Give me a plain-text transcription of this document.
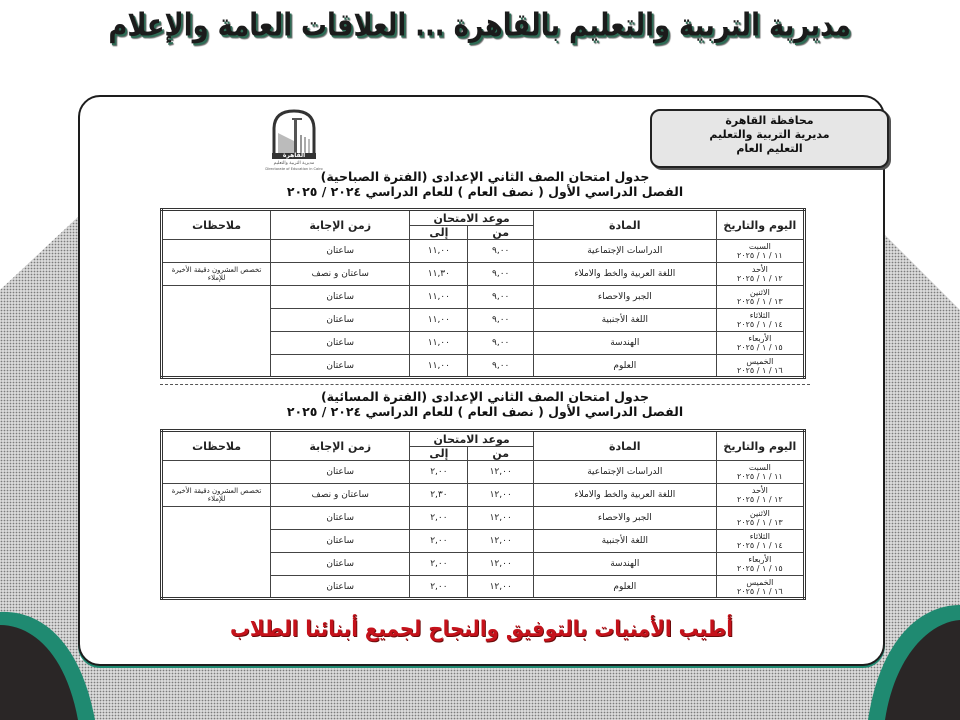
مديرية التربية والتعليم بالقاهرة ... العلاقات العامة والإعلام
القاهرة
مديرية التربية والتعليم
Directorate of Education in Cairo
محافظة القاهرة
مديرية التربية والتعليم
التعليم العام
جدول امتحان الصف الثاني الإعدادى (الفترة الصباحية)
الفصل الدراسي الأول ( نصف العام ) للعام الدراسي ٢٠٢٤ / ٢٠٢٥
اليوم والتاريخ	المادة	موعد الامتحان		زمن الإجابة	ملاحظات
		من	إلى		

السبت
١١ / ١ / ٢٠٢٥	الدراسات الإجتماعية	٩,٠٠	١١,٠٠	ساعتان	

الأحد
١٢ / ١ / ٢٠٢٥	اللغة العربية والخط والاملاء	٩,٠٠	١١,٣٠	ساعتان و نصف	تخصص العشرون دقيقة الأخيرة للإملاء

الاثنين
١٣ / ١ / ٢٠٢٥	الجبر والاحصاء	٩,٠٠	١١,٠٠	ساعتان	

الثلاثاء
١٤ / ١ / ٢٠٢٥	اللغة الأجنبية	٩,٠٠	١١,٠٠	ساعتان	

الأربعاء
١٥ / ١ / ٢٠٢٥	الهندسة	٩,٠٠	١١,٠٠	ساعتان	

الخميس
١٦ / ١ / ٢٠٢٥	العلوم	٩,٠٠	١١,٠٠	ساعتان	
جدول امتحان الصف الثاني الإعدادى (الفترة المسائية)
الفصل الدراسي الأول ( نصف العام ) للعام الدراسي ٢٠٢٤ / ٢٠٢٥
اليوم والتاريخ	المادة	موعد الامتحان		زمن الإجابة	ملاحظات
		من	إلى		

السبت
١١ / ١ / ٢٠٢٥	الدراسات الإجتماعية	١٢,٠٠	٢,٠٠	ساعتان	

الأحد
١٢ / ١ / ٢٠٢٥	اللغة العربية والخط والاملاء	١٢,٠٠	٢,٣٠	ساعتان و نصف	تخصص العشرون دقيقة الأخيرة للإملاء

الاثنين
١٣ / ١ / ٢٠٢٥	الجبر والاحصاء	١٢,٠٠	٢,٠٠	ساعتان	

الثلاثاء
١٤ / ١ / ٢٠٢٥	اللغة الأجنبية	١٢,٠٠	٢,٠٠	ساعتان	

الأربعاء
١٥ / ١ / ٢٠٢٥	الهندسة	١٢,٠٠	٢,٠٠	ساعتان	

الخميس
١٦ / ١ / ٢٠٢٥	العلوم	١٢,٠٠	٢,٠٠	ساعتان	
أطيب الأمنيات بالتوفيق والنجاح لجميع أبنائنا الطلاب
